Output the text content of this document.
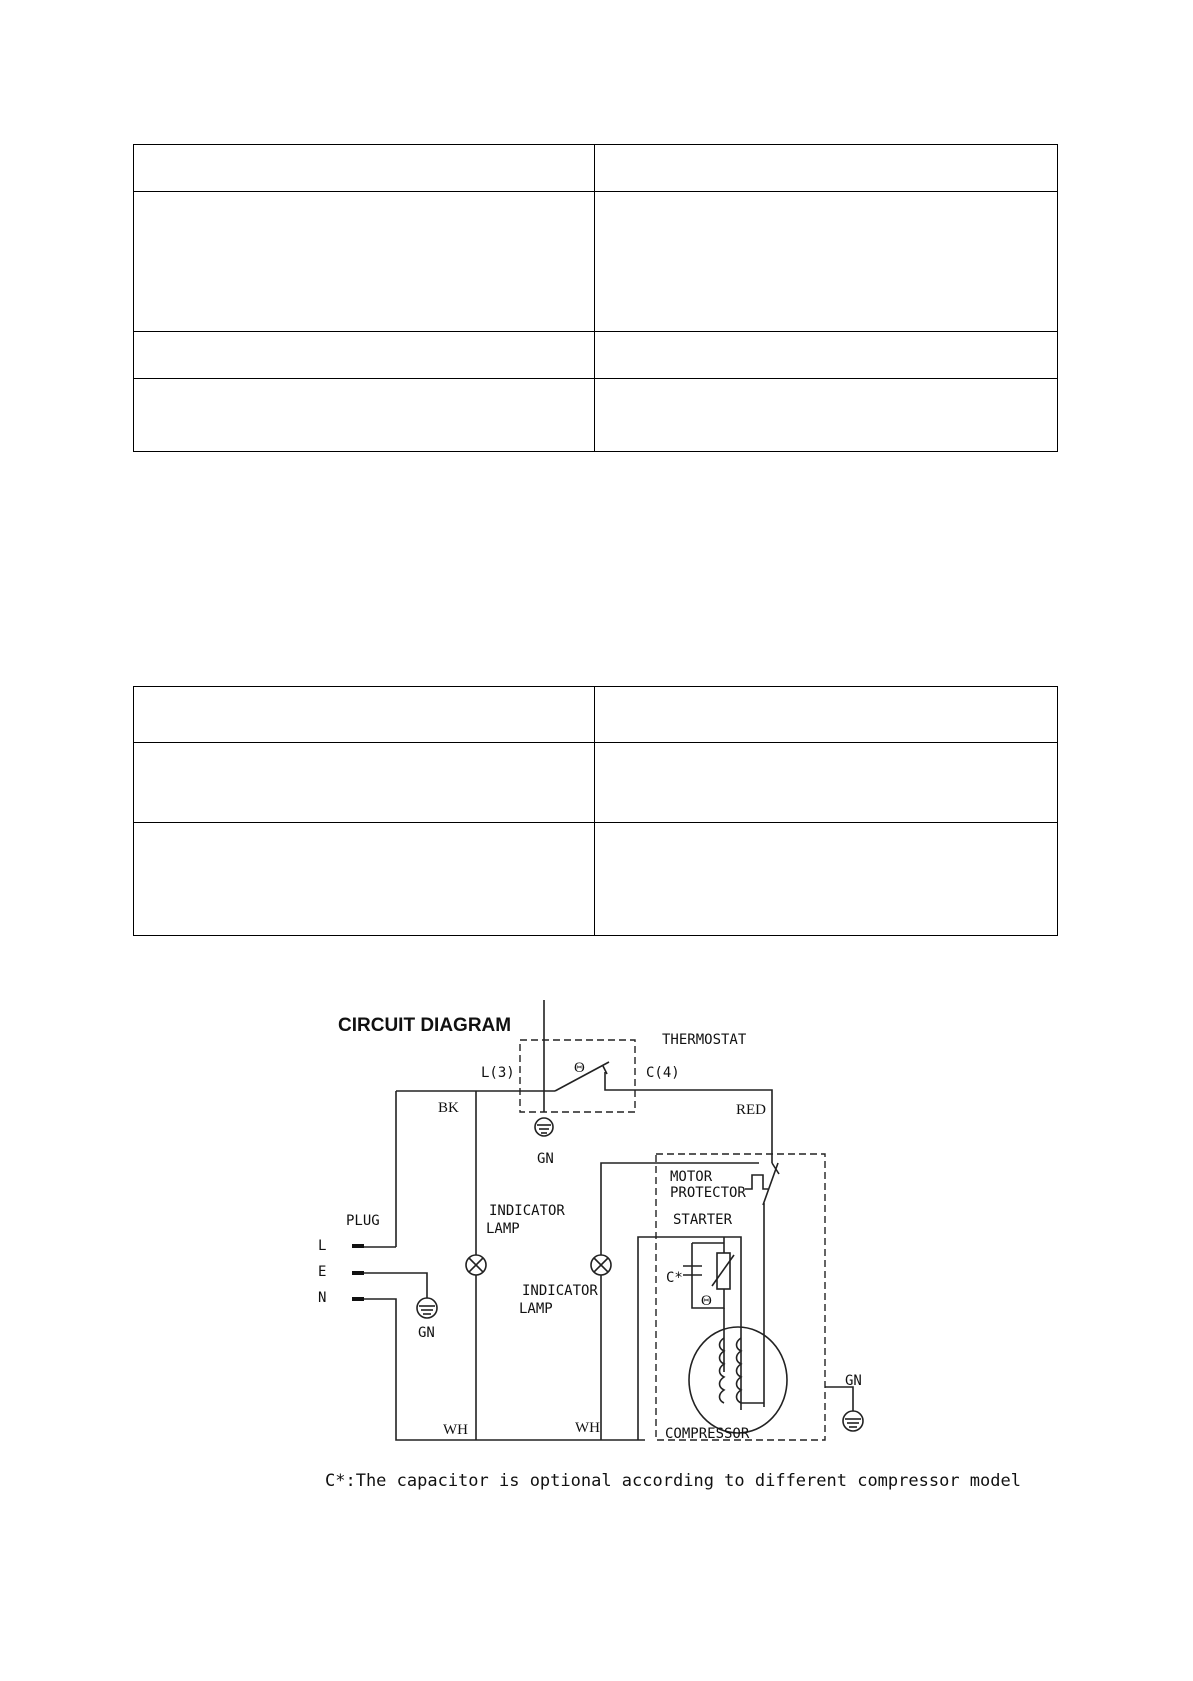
CIRCUIT DIAGRAM
THERMOSTAT
Θ
L(3)	C(4)
BK	RED
GN
PLUG
L
E
N
GN
WH	WH
INDICATOR
LAMP
INDICATOR
LAMP
MOTOR
PROTECTOR
STARTER
C*
Θ
COMPRESSOR
GN
C*:The capacitor is optional according to different compressor model
